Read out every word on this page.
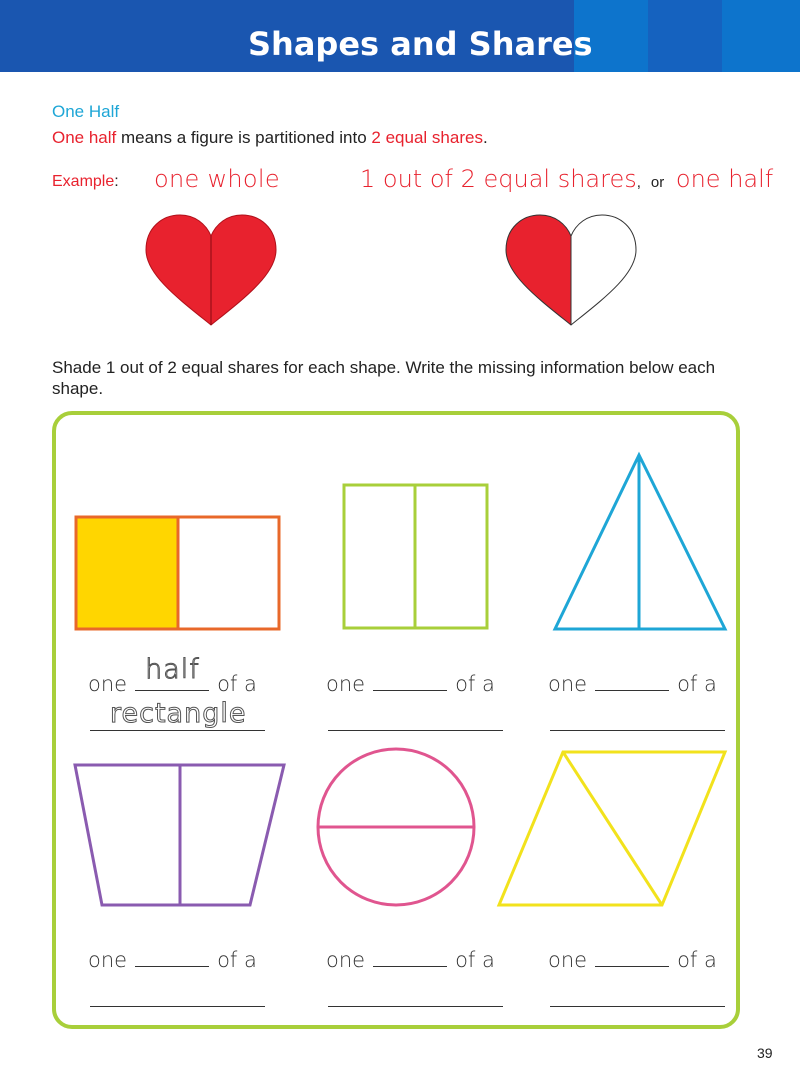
Shapes and Shares
One Half
One half means a figure is partitioned into 2 equal shares.
Example: one whole	1 out of 2 equal shares, or one half
Shade 1 out of 2 equal shares for each shape. Write the missing information below each shape.
one half of a
rectangle
one	of a	one	of a
one	of a	one	of a	one	of a
39
